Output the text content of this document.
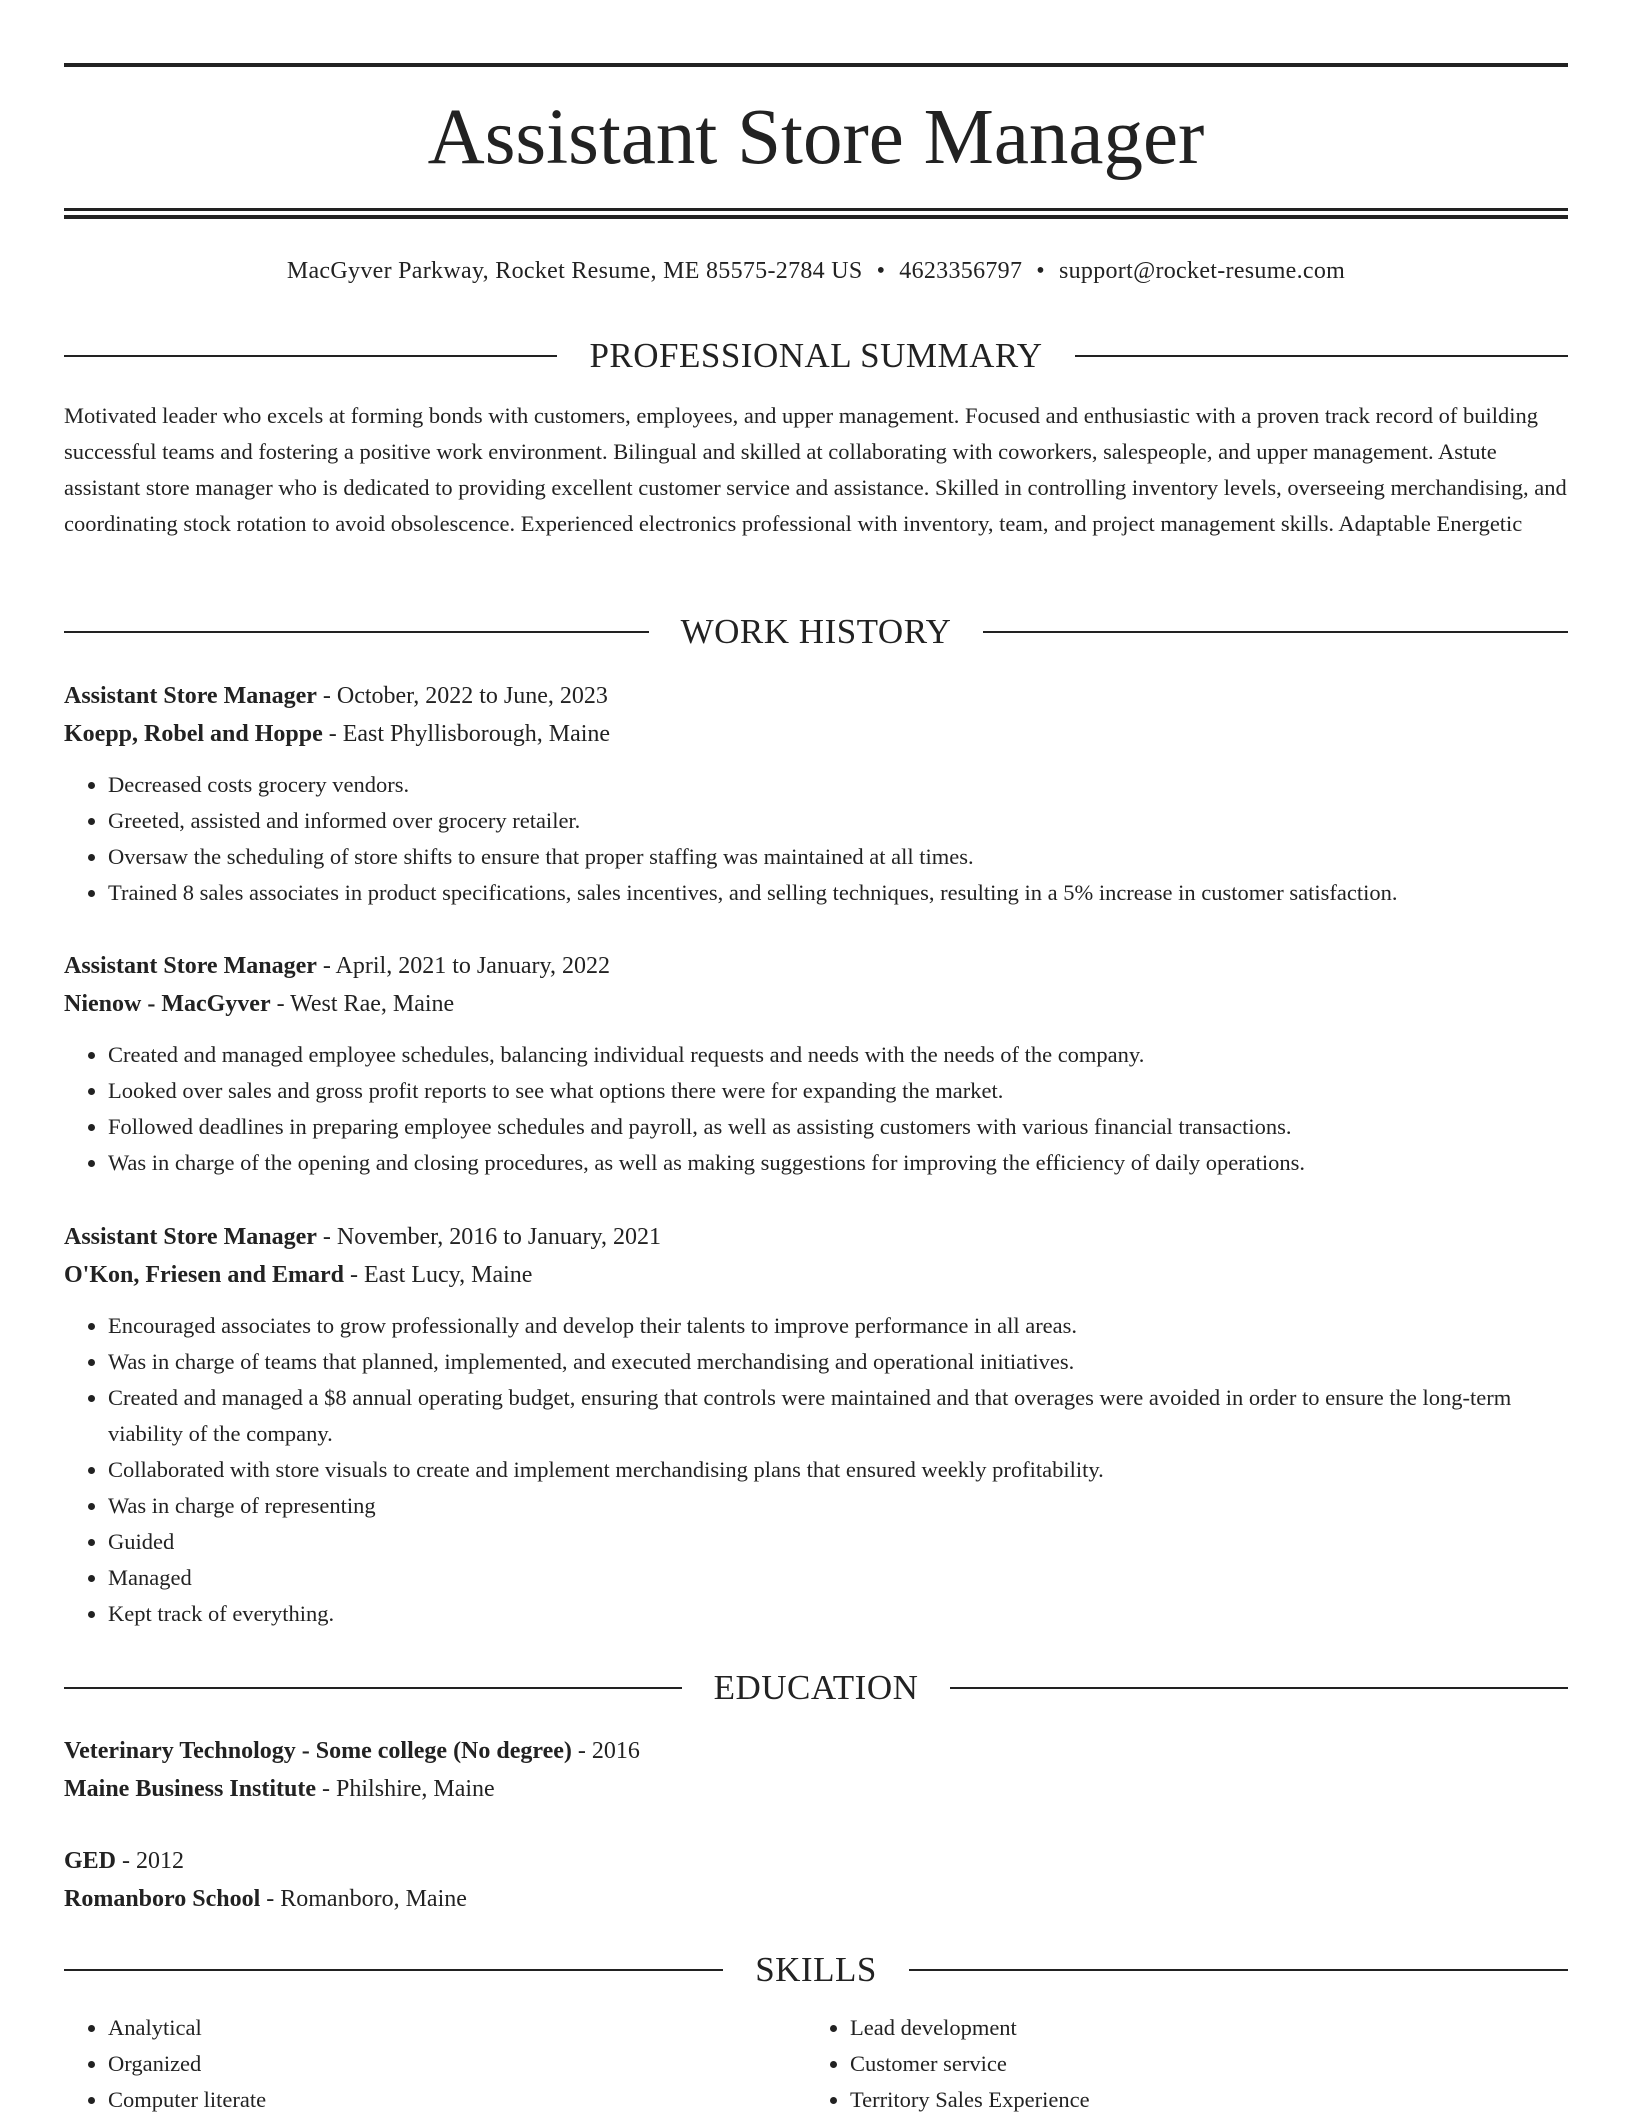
Assistant Store Manager
MacGyver Parkway, Rocket Resume, ME 85575-2784 US • 4623356797 • support@rocket-resume.com
PROFESSIONAL SUMMARY

Motivated leader who excels at forming bonds with customers, employees, and upper management. Focused and enthusiastic with a proven track record of building successful teams and fostering a positive work environment. Bilingual and skilled at collaborating with coworkers, salespeople, and upper management. Astute assistant store manager who is dedicated to providing excellent customer service and assistance. Skilled in controlling inventory levels, overseeing merchandising, and coordinating stock rotation to avoid obsolescence. Experienced electronics professional with inventory, team, and project management skills. Adaptable Energetic

WORK HISTORY

Assistant Store Manager - October, 2022 to June, 2023

Koepp, Robel and Hoppe - East Phyllisborough, Maine

• Decreased costs grocery vendors.
• Greeted, assisted and informed over grocery retailer.
• Oversaw the scheduling of store shifts to ensure that proper staffing was maintained at all times.
• Trained 8 sales associates in product specifications, sales incentives, and selling techniques, resulting in a 5% increase in customer satisfaction.

Assistant Store Manager - April, 2021 to January, 2022

Nienow - MacGyver - West Rae, Maine

• Created and managed employee schedules, balancing individual requests and needs with the needs of the company.
• Looked over sales and gross profit reports to see what options there were for expanding the market.
• Followed deadlines in preparing employee schedules and payroll, as well as assisting customers with various financial transactions.
• Was in charge of the opening and closing procedures, as well as making suggestions for improving the efficiency of daily operations.

Assistant Store Manager - November, 2016 to January, 2021

O'Kon, Friesen and Emard - East Lucy, Maine

• Encouraged associates to grow professionally and develop their talents to improve performance in all areas.
• Was in charge of teams that planned, implemented, and executed merchandising and operational initiatives.
• Created and managed a $8 annual operating budget, ensuring that controls were maintained and that overages were avoided in order to ensure the long-term viability of the company.
• Collaborated with store visuals to create and implement merchandising plans that ensured weekly profitability.
• Was in charge of representing
• Guided
• Managed
• Kept track of everything.
EDUCATION

Veterinary Technology - Some college (No degree) - 2016

Maine Business Institute - Philshire, Maine

GED - 2012

Romanboro School - Romanboro, Maine

SKILLS
• Analytical
• Organized
• Computer literate
• Lead development
• Customer service
• Territory Sales Experience
